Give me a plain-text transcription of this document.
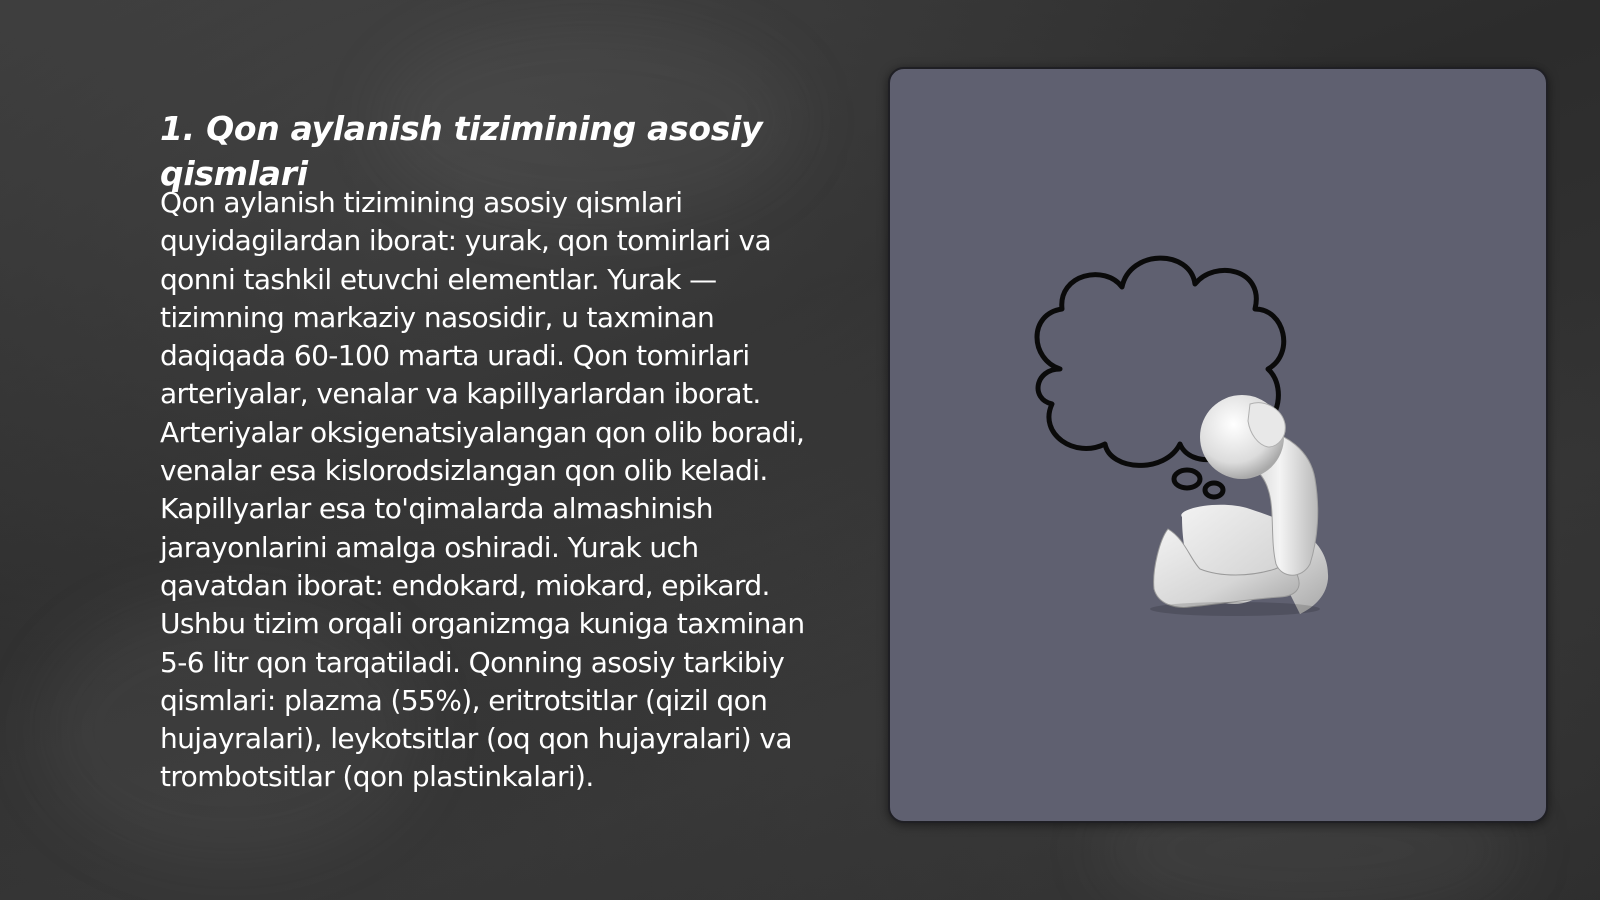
1. Qon aylanish tizimining asosiy qismlari

Qon aylanish tizimining asosiy qismlari quyidagilardan iborat: yurak, qon tomirlari va qonni tashkil etuvchi elementlar. Yurak — tizimning markaziy nasosidir, u taxminan daqiqada 60-100 marta uradi. Qon tomirlari arteriyalar, venalar va kapillyarlardan iborat. Arteriyalar oksigenatsiyalangan qon olib boradi, venalar esa kislorodsizlangan qon olib keladi. Kapillyarlar esa to'qimalarda almashinish jarayonlarini amalga oshiradi. Yurak uch qavatdan iborat: endokard, miokard, epikard. Ushbu tizim orqali organizmga kuniga taxminan 5-6 litr qon tarqatiladi. Qonning asosiy tarkibiy qismlari: plazma (55%), eritrotsitlar (qizil qon hujayralari), leykotsitlar (oq qon hujayralari) va trombotsitlar (qon plastinkalari).
